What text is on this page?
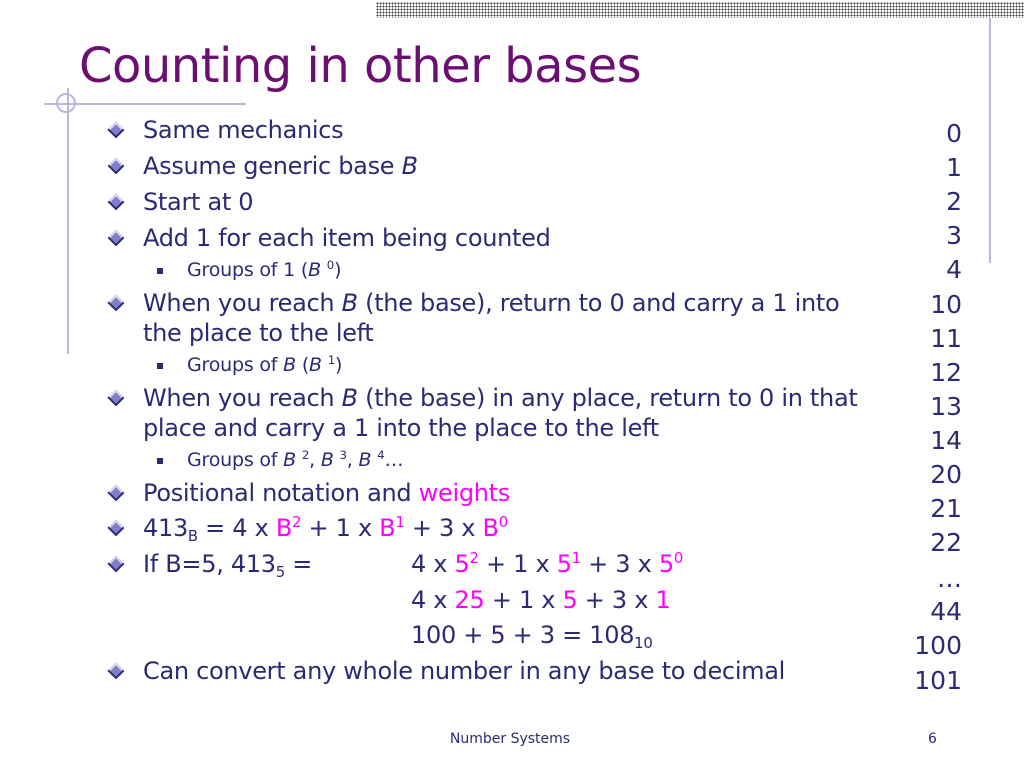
Counting in other bases
Same mechanics
Assume generic base B
Start at 0
Add 1 for each item being counted
Groups of 1 (B $^0$)
When you reach B (the base), return to 0 and carry a 1 into the place to the left
Groups of B (B $^1$)
When you reach B (the base) in any place, return to 0 in that place and carry a 1 into the place to the left
Groups of B $^2$, B $^3$, B $^4$…
Positional notation and weights
$413_B = 4$ x $B^2 + 1$ x $B^1 + 3$ x $B^0$
If B=5, $413_5$ =	4 x $5^2 + 1$ x $5^1 + 3$ x $5^0$
4 x 25 + 1 x 5 + 3 x 1
$100 + 5 + 3 = 108_{10}$
Can convert any whole number in any base to decimal
0
1
2
3
4
10
11
12
13
14
20
21
22
…
44
100
101
Number Systems	6
